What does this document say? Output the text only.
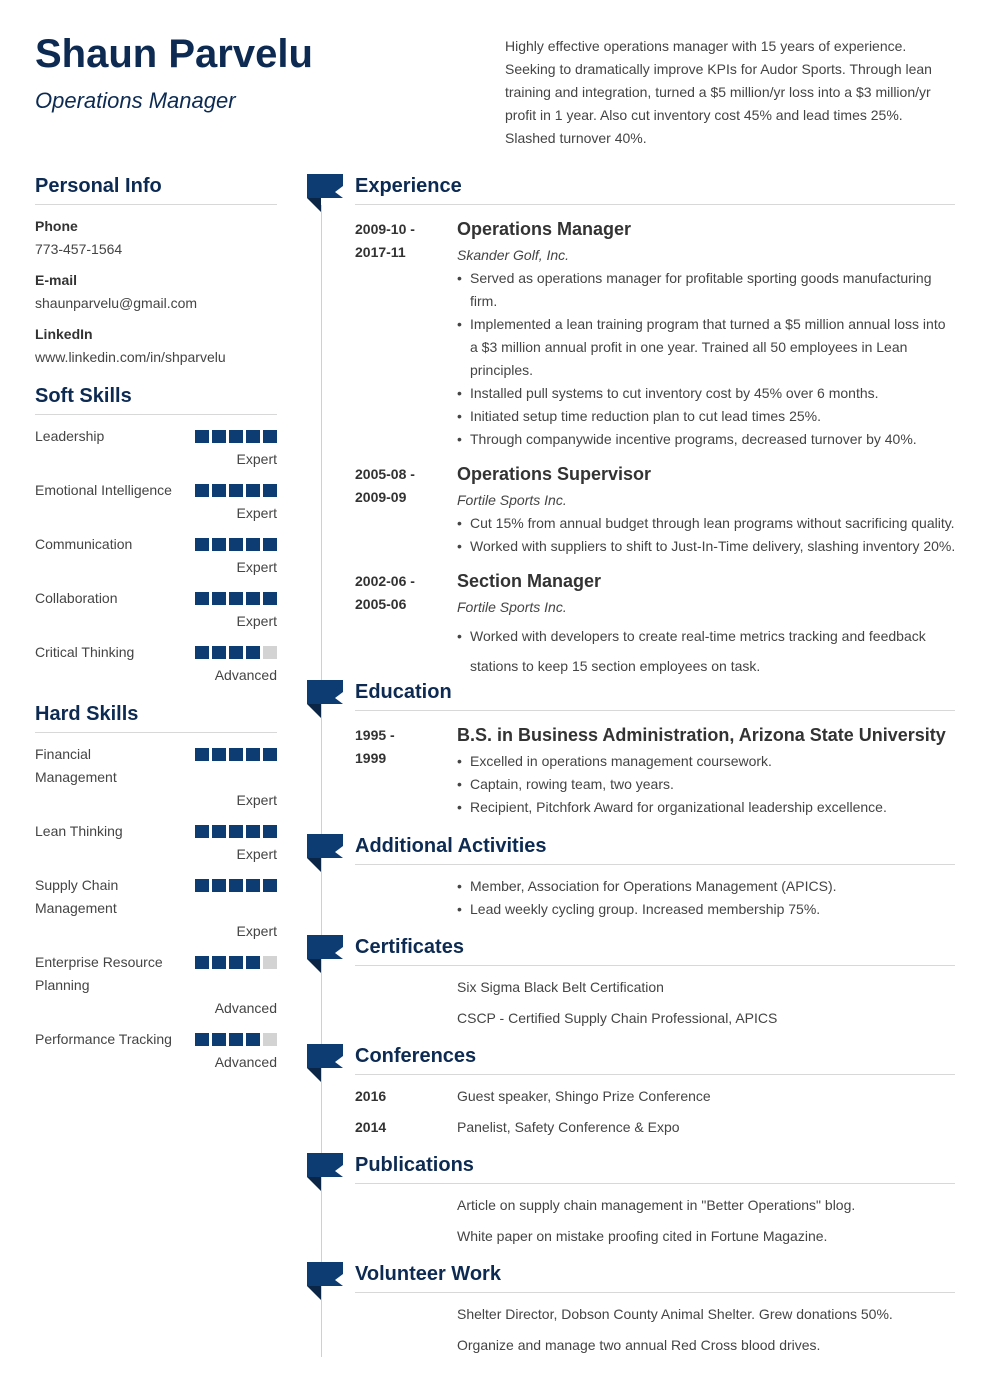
Shaun Parvelu
Operations Manager
Highly effective operations manager with 15 years of experience. Seeking to dramatically improve KPIs for Audor Sports. Through lean training and integration, turned a $5 million/yr loss into a $3 million/yr profit in 1 year. Also cut inventory cost 45% and lead times 25%. Slashed turnover 40%.
Personal Info
Phone
773-457-1564
E-mail
shaunparvelu@gmail.com
LinkedIn
www.linkedin.com/in/shparvelu
Soft Skills
Leadership
Expert
Emotional Intelligence
Expert
Communication
Expert
Collaboration
Expert
Critical Thinking
Advanced
Hard Skills
Financial Management
Expert
Lean Thinking
Expert
Supply Chain Management
Expert
Enterprise Resource Planning
Advanced
Performance Tracking
Advanced
Experience
2009-10 -
2017-11
Operations Manager
Skander Golf, Inc.
• Served as operations manager for profitable sporting goods manufacturing firm.
• Implemented a lean training program that turned a $5 million annual loss into a $3 million annual profit in one year. Trained all 50 employees in Lean principles.
• Installed pull systems to cut inventory cost by 45% over 6 months.
• Initiated setup time reduction plan to cut lead times 25%.
• Through companywide incentive programs, decreased turnover by 40%.
2005-08 -
2009-09
Operations Supervisor
Fortile Sports Inc.
• Cut 15% from annual budget through lean programs without sacrificing quality.
• Worked with suppliers to shift to Just-In-Time delivery, slashing inventory 20%.
2002-06 -
2005-06
Section Manager
Fortile Sports Inc.
• Worked with developers to create real-time metrics tracking and feedback stations to keep 15 section employees on task.
Education
1995 -
1999
B.S. in Business Administration, Arizona State University
• Excelled in operations management coursework.
• Captain, rowing team, two years.
• Recipient, Pitchfork Award for organizational leadership excellence.
Additional Activities
• Member, Association for Operations Management (APICS).
• Lead weekly cycling group. Increased membership 75%.
Certificates
Six Sigma Black Belt Certification
CSCP - Certified Supply Chain Professional, APICS
Conferences
2016	Guest speaker, Shingo Prize Conference
2014	Panelist, Safety Conference & Expo
Publications
Article on supply chain management in "Better Operations" blog.
White paper on mistake proofing cited in Fortune Magazine.
Volunteer Work
Shelter Director, Dobson County Animal Shelter. Grew donations 50%.
Organize and manage two annual Red Cross blood drives.
